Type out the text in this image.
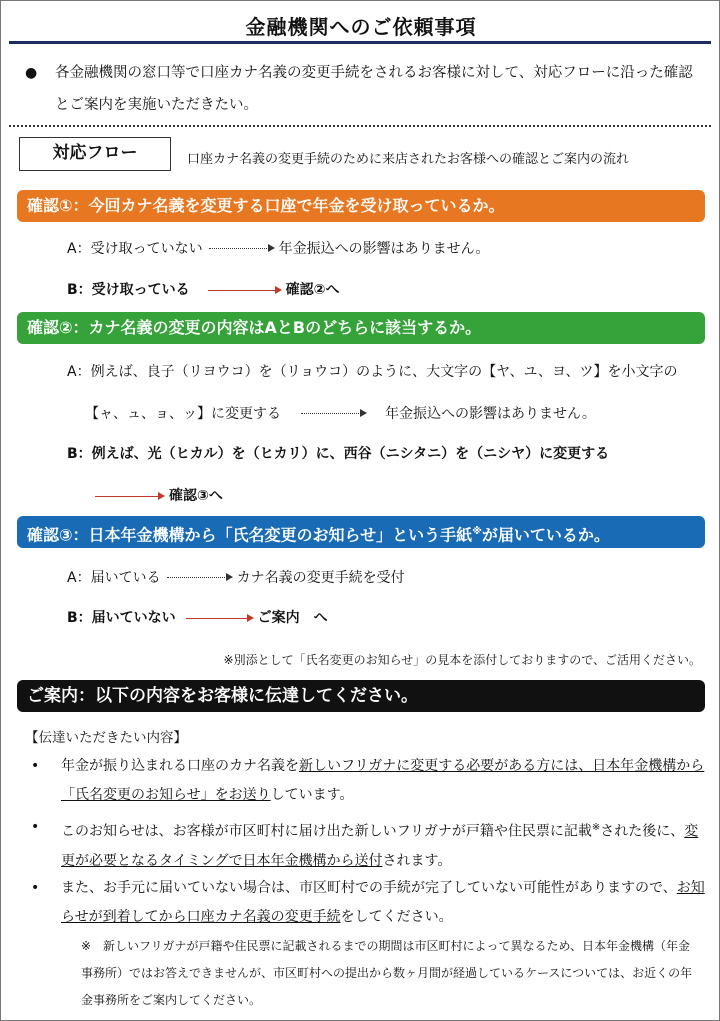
金融機関へのご依頼事項
●	各金融機関の窓口等で口座カナ名義の変更手続をされるお客様に対して、対応フローに沿った確認とご案内を実施いただきたい。
対応フロー	口座カナ名義の変更手続のために来店されたお客様への確認とご案内の流れ
確認①：今回カナ名義を変更する口座で年金を受け取っているか。
A：受け取っていない	年金振込への影響はありません。
B：受け取っている	確認②へ
確認②：カナ名義の変更の内容はAとBのどちらに該当するか。
A：例えば、良子（リヨウコ）を（リョウコ）のように、大文字の【ヤ、ユ、ヨ、ツ】を小文字の
【ャ、ュ、ョ、ッ】に変更する	年金振込への影響はありません。
B：例えば、光（ヒカル）を（ヒカリ）に、西谷（ニシタニ）を（ニシヤ）に変更する
確認③へ
確認③：日本年金機構から「氏名変更のお知らせ」という手紙※が届いているか。
A：届いている	カナ名義の変更手続を受付
B：届いていない	ご案内　へ
※別添として「氏名変更のお知らせ」の見本を添付しておりますので、ご活用ください。
ご案内：以下の内容をお客様に伝達してください。
【伝達いただきたい内容】
•	年金が振り込まれる口座のカナ名義を新しいフリガナに変更する必要がある方には、日本年金機構から「氏名変更のお知らせ」をお送りしています。
•	このお知らせは、お客様が市区町村に届け出た新しいフリガナが戸籍や住民票に記載※された後に、変更が必要となるタイミングで日本年金機構から送付されます。
•	また、お手元に届いていない場合は、市区町村での手続が完了していない可能性がありますので、お知らせが到着してから口座カナ名義の変更手続をしてください。
※　新しいフリガナが戸籍や住民票に記載されるまでの期間は市区町村によって異なるため、日本年金機構（年金事務所）ではお答えできませんが、市区町村への提出から数ヶ月間が経過しているケースについては、お近くの年金事務所をご案内してください。
